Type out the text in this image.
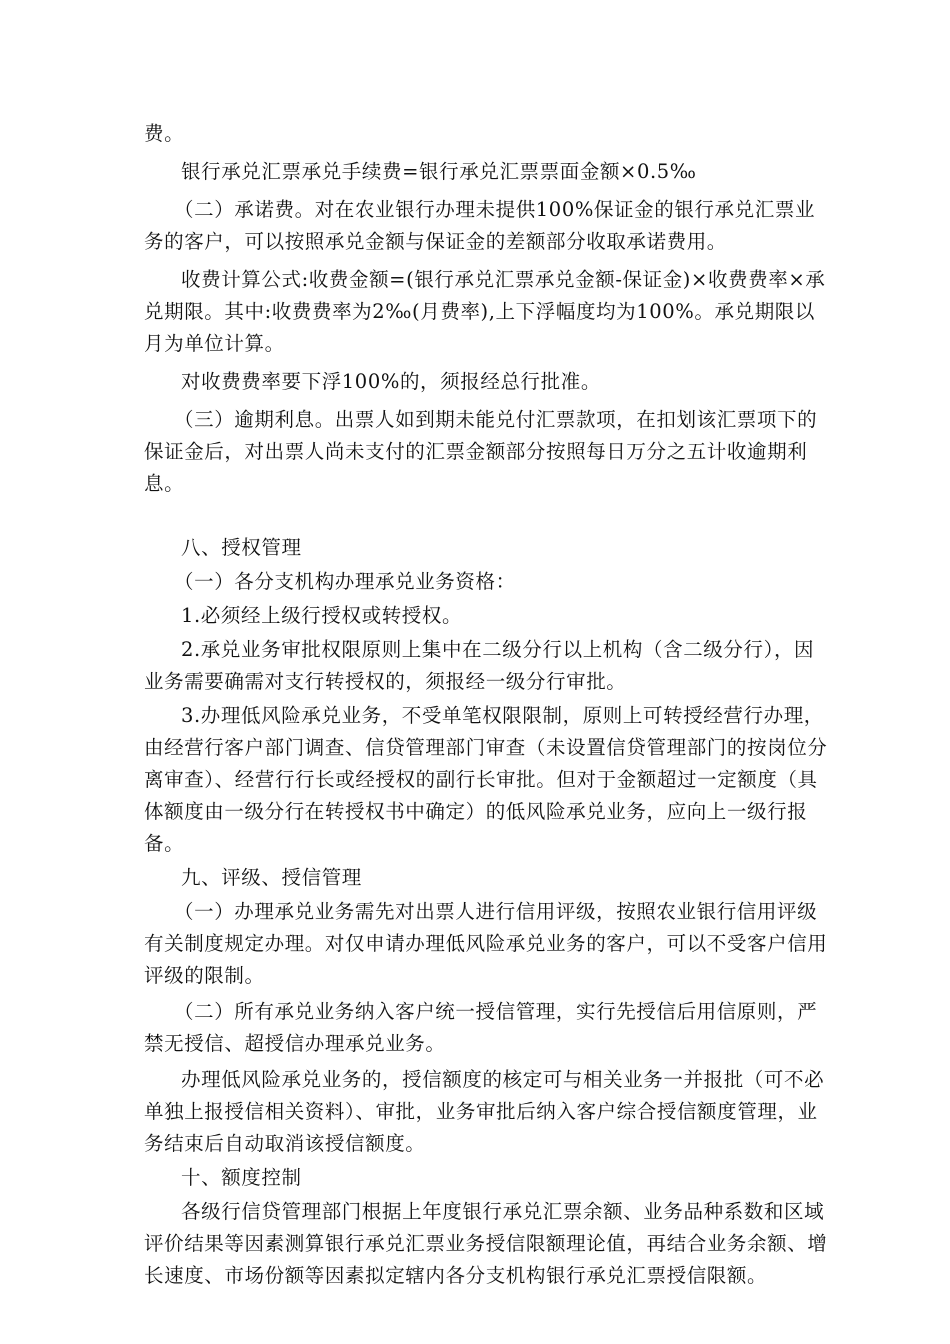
费。

银行承兑汇票承兑手续费=银行承兑汇票票面金额×0.5‰

（二）承诺费。对在农业银行办理未提供100%保证金的银行承兑汇票业务的客户，可以按照承兑金额与保证金的差额部分收取承诺费用。

收费计算公式:收费金额=(银行承兑汇票承兑金额-保证金)×收费费率×承兑期限。其中:收费费率为2‰(月费率),上下浮幅度均为100%。承兑期限以月为单位计算。

对收费费率要下浮100%的，须报经总行批准。

（三）逾期利息。出票人如到期未能兑付汇票款项，在扣划该汇票项下的保证金后，对出票人尚未支付的汇票金额部分按照每日万分之五计收逾期利息。

八、授权管理

（一）各分支机构办理承兑业务资格：

1.必须经上级行授权或转授权。

2.承兑业务审批权限原则上集中在二级分行以上机构（含二级分行），因业务需要确需对支行转授权的，须报经一级分行审批。

3.办理低风险承兑业务，不受单笔权限限制，原则上可转授经营行办理，由经营行客户部门调查、信贷管理部门审查（未设置信贷管理部门的按岗位分离审查）、经营行行长或经授权的副行长审批。但对于金额超过一定额度（具体额度由一级分行在转授权书中确定）的低风险承兑业务，应向上一级行报备。

九、评级、授信管理

（一）办理承兑业务需先对出票人进行信用评级，按照农业银行信用评级有关制度规定办理。对仅申请办理低风险承兑业务的客户，可以不受客户信用评级的限制。

（二）所有承兑业务纳入客户统一授信管理，实行先授信后用信原则，严禁无授信、超授信办理承兑业务。

办理低风险承兑业务的，授信额度的核定可与相关业务一并报批（可不必单独上报授信相关资料）、审批，业务审批后纳入客户综合授信额度管理，业务结束后自动取消该授信额度。

十、额度控制

各级行信贷管理部门根据上年度银行承兑汇票余额、业务品种系数和区域评价结果等因素测算银行承兑汇票业务授信限额理论值，再结合业务余额、增长速度、市场份额等因素拟定辖内各分支机构银行承兑汇票授信限额。
